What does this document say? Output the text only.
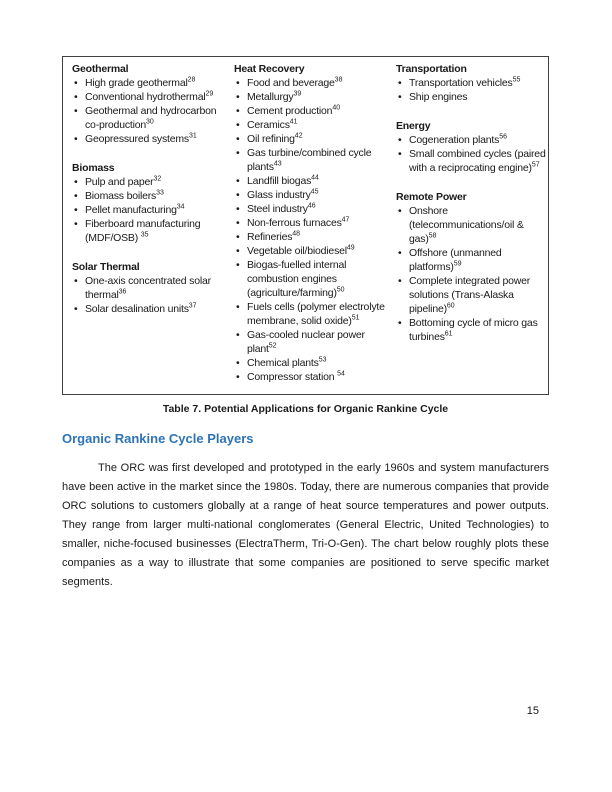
Geothermal
• High grade geothermal$^{28}$
• Conventional hydrothermal$^{29}$
• Geothermal and hydrocarbon co-production$^{30}$
• Geopressured systems$^{31}$
Biomass
• Pulp and paper$^{32}$
• Biomass boilers$^{33}$
• Pellet manufacturing$^{34}$
• Fiberboard manufacturing (MDF/OSB) $^{35}$
Solar Thermal
• One-axis concentrated solar thermal$^{36}$
• Solar desalination units$^{37}$
Heat Recovery
• Food and beverage$^{38}$
• Metallurgy$^{39}$
• Cement production$^{40}$
• Ceramics$^{41}$
• Oil refining$^{42}$
• Gas turbine/combined cycle plants$^{43}$
• Landfill biogas$^{44}$
• Glass industry$^{45}$
• Steel industry$^{46}$
• Non-ferrous furnaces$^{47}$
• Refineries$^{48}$
• Vegetable oil/biodiesel$^{49}$
• Biogas-fuelled internal combustion engines (agriculture/farming)$^{50}$
• Fuels cells (polymer electrolyte membrane, solid oxide)$^{51}$
• Gas-cooled nuclear power plant$^{52}$
• Chemical plants$^{53}$
• Compressor station $^{54}$
Transportation
• Transportation vehicles$^{55}$
• Ship engines
Energy
• Cogeneration plants$^{56}$
• Small combined cycles (paired with a reciprocating engine)$^{57}$
Remote Power
• Onshore (telecommunications/oil & gas)$^{58}$
• Offshore (unmanned platforms)$^{59}$
• Complete integrated power solutions (Trans-Alaska pipeline)$^{60}$
• Bottoming cycle of micro gas turbines$^{61}$
Table 7. Potential Applications for Organic Rankine Cycle
Organic Rankine Cycle Players

The ORC was first developed and prototyped in the early 1960s and system manufacturers have been active in the market since the 1980s. Today, there are numerous companies that provide ORC solutions to customers globally at a range of heat source temperatures and power outputs. They range from larger multi-national conglomerates (General Electric, United Technologies) to smaller, niche-focused businesses (ElectraTherm, Tri-O-Gen). The chart below roughly plots these companies as a way to illustrate that some companies are positioned to serve specific market segments.

15
